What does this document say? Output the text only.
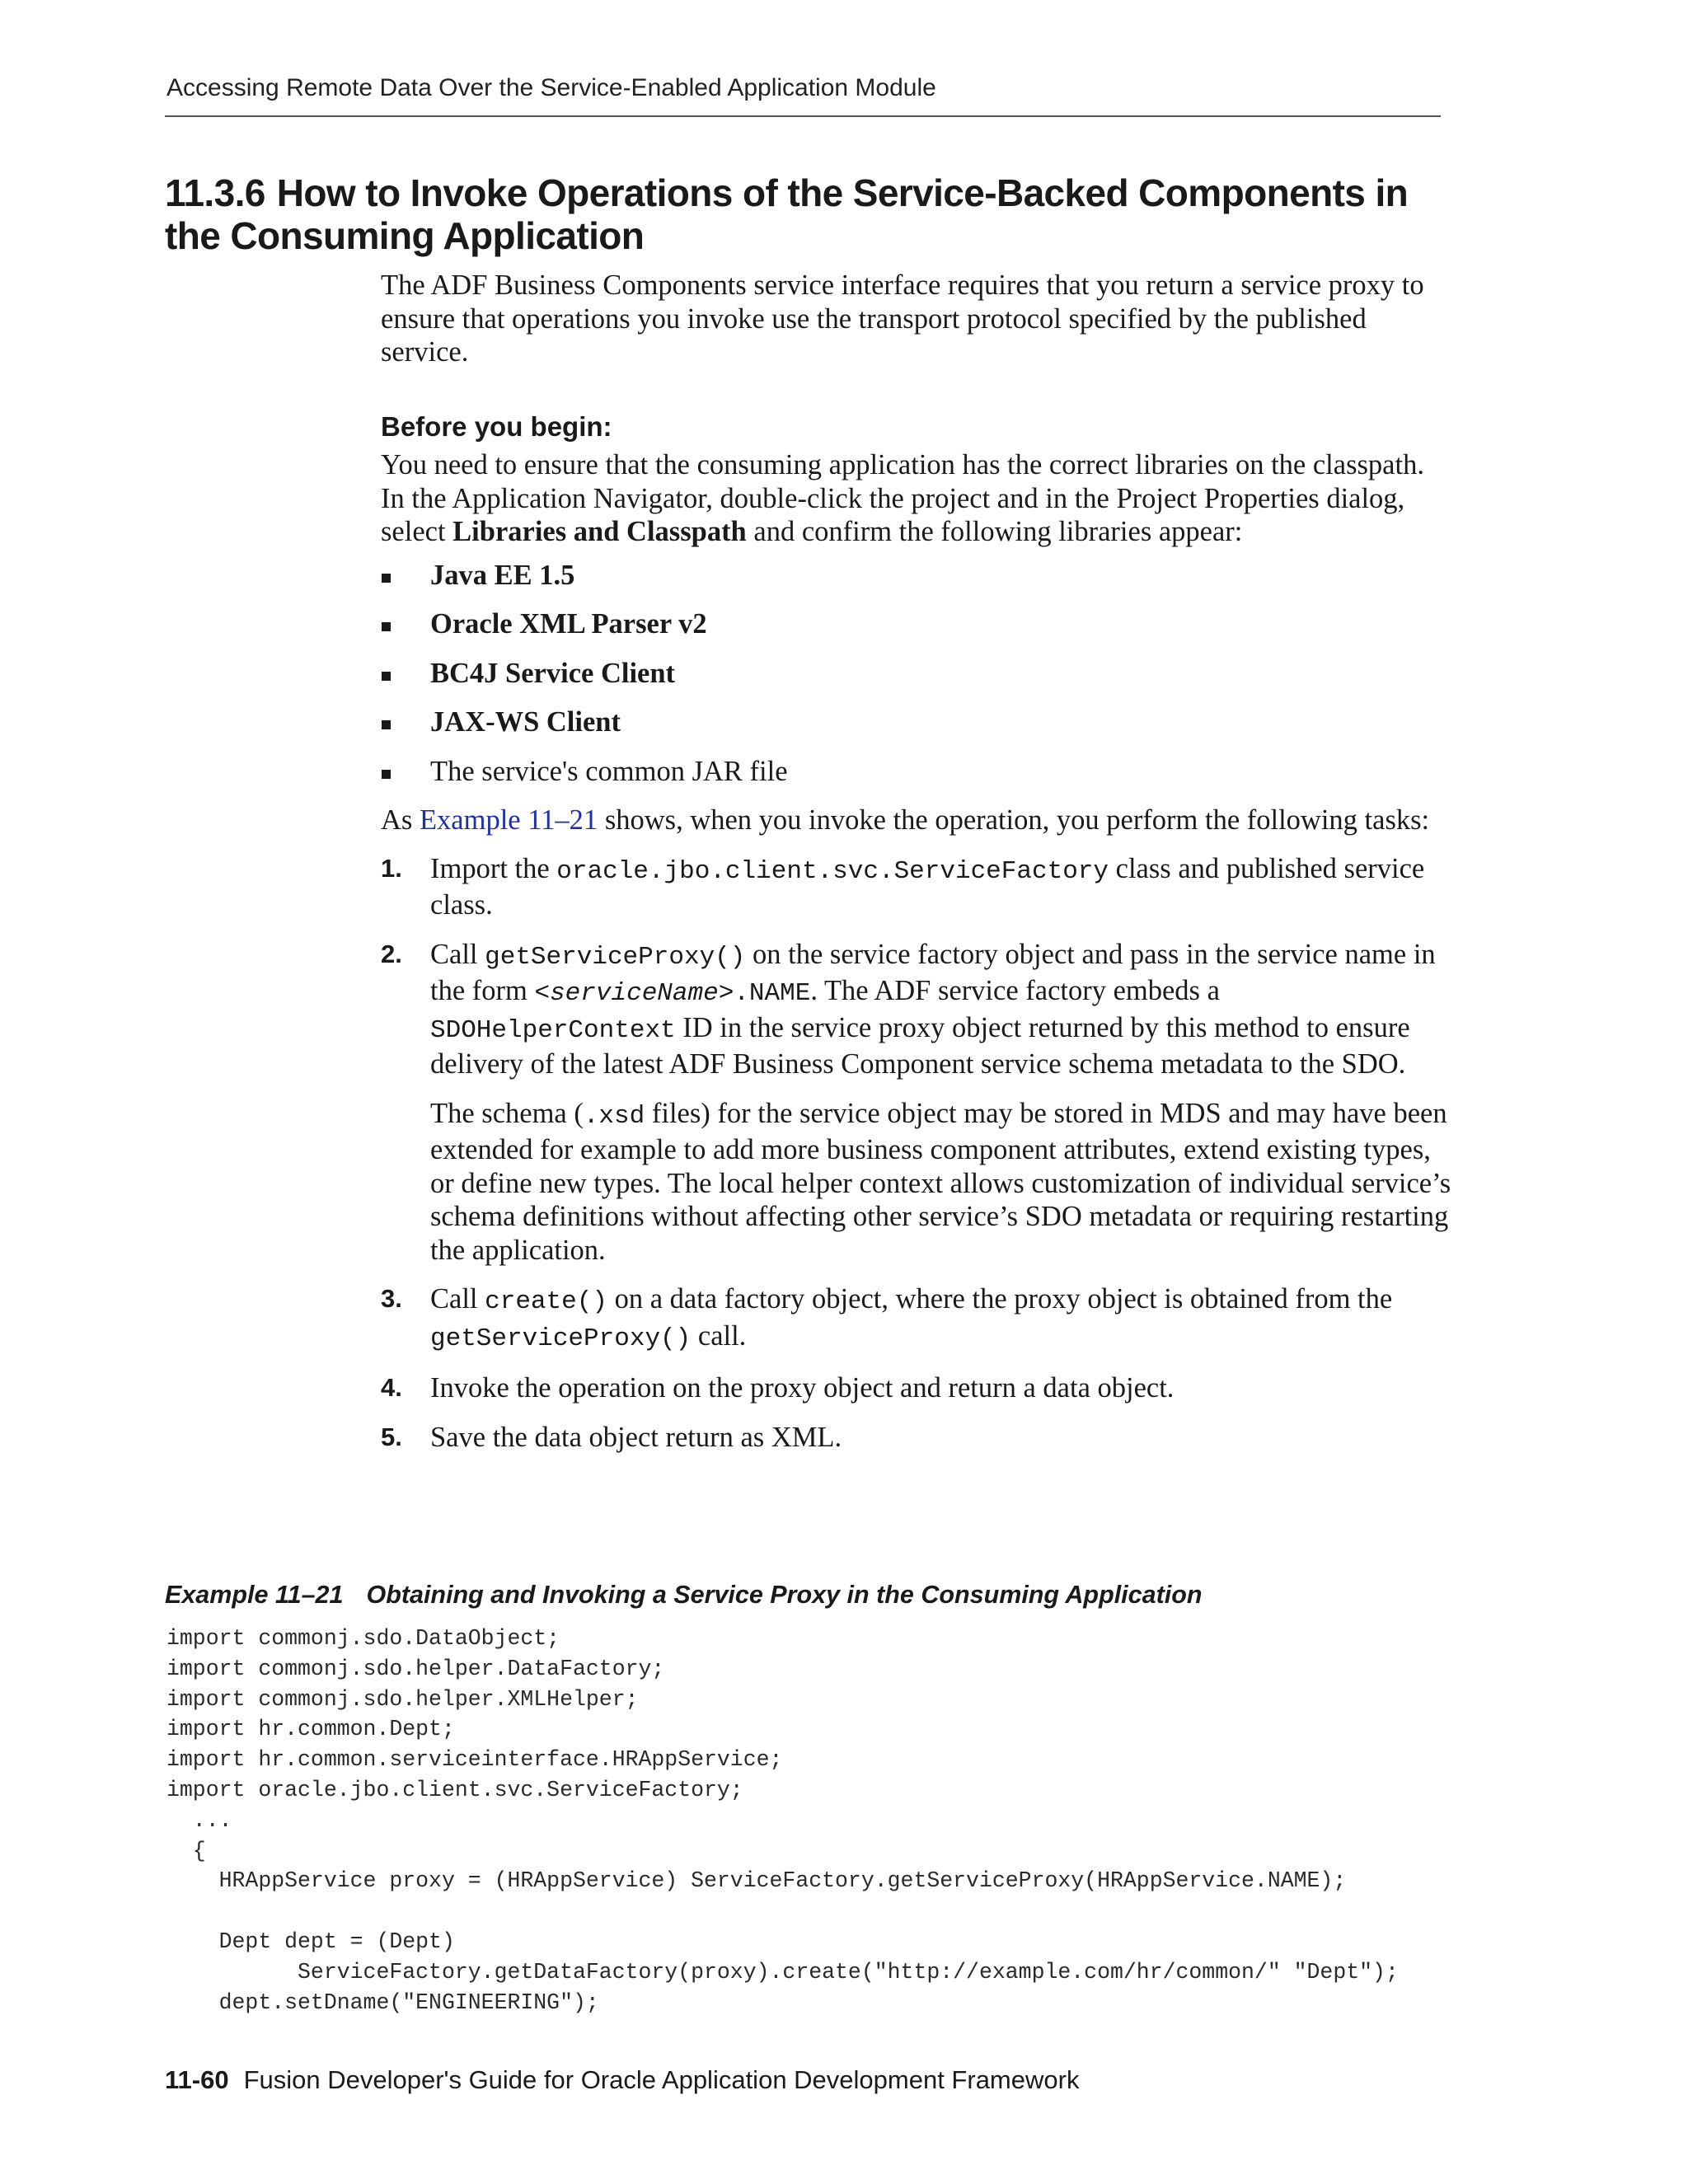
Accessing Remote Data Over the Service-Enabled Application Module
11.3.6 How to Invoke Operations of the Service-Backed Components in the Consuming Application

The ADF Business Components service interface requires that you return a service proxy to ensure that operations you invoke use the transport protocol specified by the published service.

Before you begin:

You need to ensure that the consuming application has the correct libraries on the classpath. In the Application Navigator, double-click the project and in the Project Properties dialog, select Libraries and Classpath and confirm the following libraries appear:

Java EE 1.5
Oracle XML Parser v2
BC4J Service Client
JAX-WS Client
The service's common JAR file

As Example 11–21 shows, when you invoke the operation, you perform the following tasks:

1. Import the oracle.jbo.client.svc.ServiceFactory class and published service class.
2. Call getServiceProxy() on the service factory object and pass in the service name in the form <serviceName>.NAME. The ADF service factory embeds a SDOHelperContext ID in the service proxy object returned by this method to ensure delivery of the latest ADF Business Component service schema metadata to the SDO.

The schema (.xsd files) for the service object may be stored in MDS and may have been extended for example to add more business component attributes, extend existing types, or define new types. The local helper context allows customization of individual service’s schema definitions without affecting other service’s SDO metadata or requiring restarting the application.

3. Call create() on a data factory object, where the proxy object is obtained from the getServiceProxy() call.
4. Invoke the operation on the proxy object and return a data object.
5. Save the data object return as XML.
Example 11–21 Obtaining and Invoking a Service Proxy in the Consuming Application
import commonj.sdo.DataObject;
import commonj.sdo.helper.DataFactory;
import commonj.sdo.helper.XMLHelper;
import hr.common.Dept;
import hr.common.serviceinterface.HRAppService;
import oracle.jbo.client.svc.ServiceFactory;
...
{
HRAppService proxy = (HRAppService) ServiceFactory.getServiceProxy(HRAppService.NAME);

Dept dept = (Dept)
ServiceFactory.getDataFactory(proxy).create("http://example.com/hr/common/" "Dept");
dept.setDname("ENGINEERING");
11-60 Fusion Developer's Guide for Oracle Application Development Framework
